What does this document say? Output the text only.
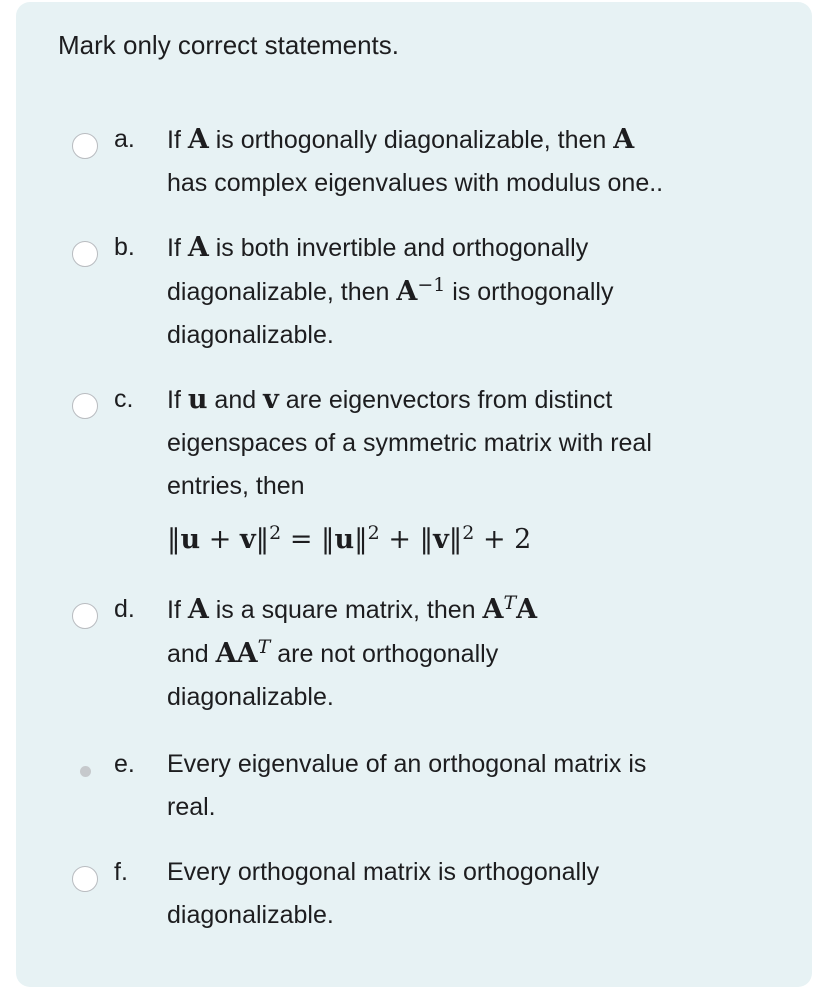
Mark only correct statements.
a. If A is orthogonally diagonalizable, then A
has complex eigenvalues with modulus one..
b. If A is both invertible and orthogonally
diagonalizable, then $A^{-1}$ is orthogonally
diagonalizable.
c. If u and v are eigenvectors from distinct
eigenspaces of a symmetric matrix with real
entries, then
‖u + v‖$^2$ = ‖u‖$^2$ + ‖v‖$^2$ + 2
d. If A is a square matrix, then $A^TA$
and $AA^T$ are not orthogonally
diagonalizable.
e. Every eigenvalue of an orthogonal matrix is
real.
f. Every orthogonal matrix is orthogonally
diagonalizable.
